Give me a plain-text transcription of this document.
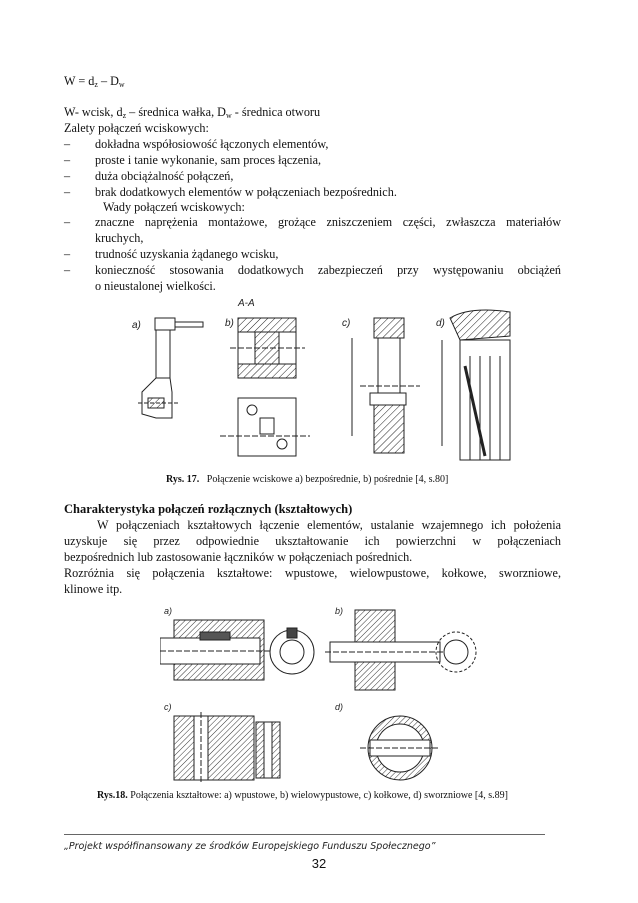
$W = d_z - D_w$
W- wcisk, $d_z$ – średnica wałka, $D_w$ - średnica otworu
Zalety połączeń wciskowych:
– dokładna współosiowość łączonych elementów,
– proste i tanie wykonanie, sam proces łączenia,
– duża obciążalność połączeń,
– brak dodatkowych elementów w połączeniach bezpośrednich.
Wady połączeń wciskowych:
– znaczne naprężenia montażowe, grożące zniszczeniem części, zwłaszcza materiałów
kruchych,
– trudność uzyskania żądanego wcisku,
– konieczność stosowania dodatkowych zabezpieczeń przy występowaniu obciążeń
o nieustalonej wielkości.
a)	b)
A-A
c)	d)
Rys. 17. Połączenie wciskowe a) bezpośrednie, b) pośrednie [4, s.80]
Charakterystyka połączeń rozłącznych (kształtowych)
W połączeniach kształtowych łączenie elementów, ustalanie wzajemnego ich położenia
uzyskuje się przez odpowiednie ukształtowanie ich powierzchni w połączeniach
bezpośrednich lub zastosowanie łączników w połączeniach pośrednich.
Rozróżnia się połączenia kształtowe: wpustowe, wielowpustowe, kołkowe, sworzniowe,
klinowe itp.
a)	b)
c)	d)
Rys.18. Połączenia kształtowe: a) wpustowe, b) wielowypustowe, c) kołkowe, d) sworzniowe [4, s.89]
„Projekt współfinansowany ze środków Europejskiego Funduszu Społecznego”
32
